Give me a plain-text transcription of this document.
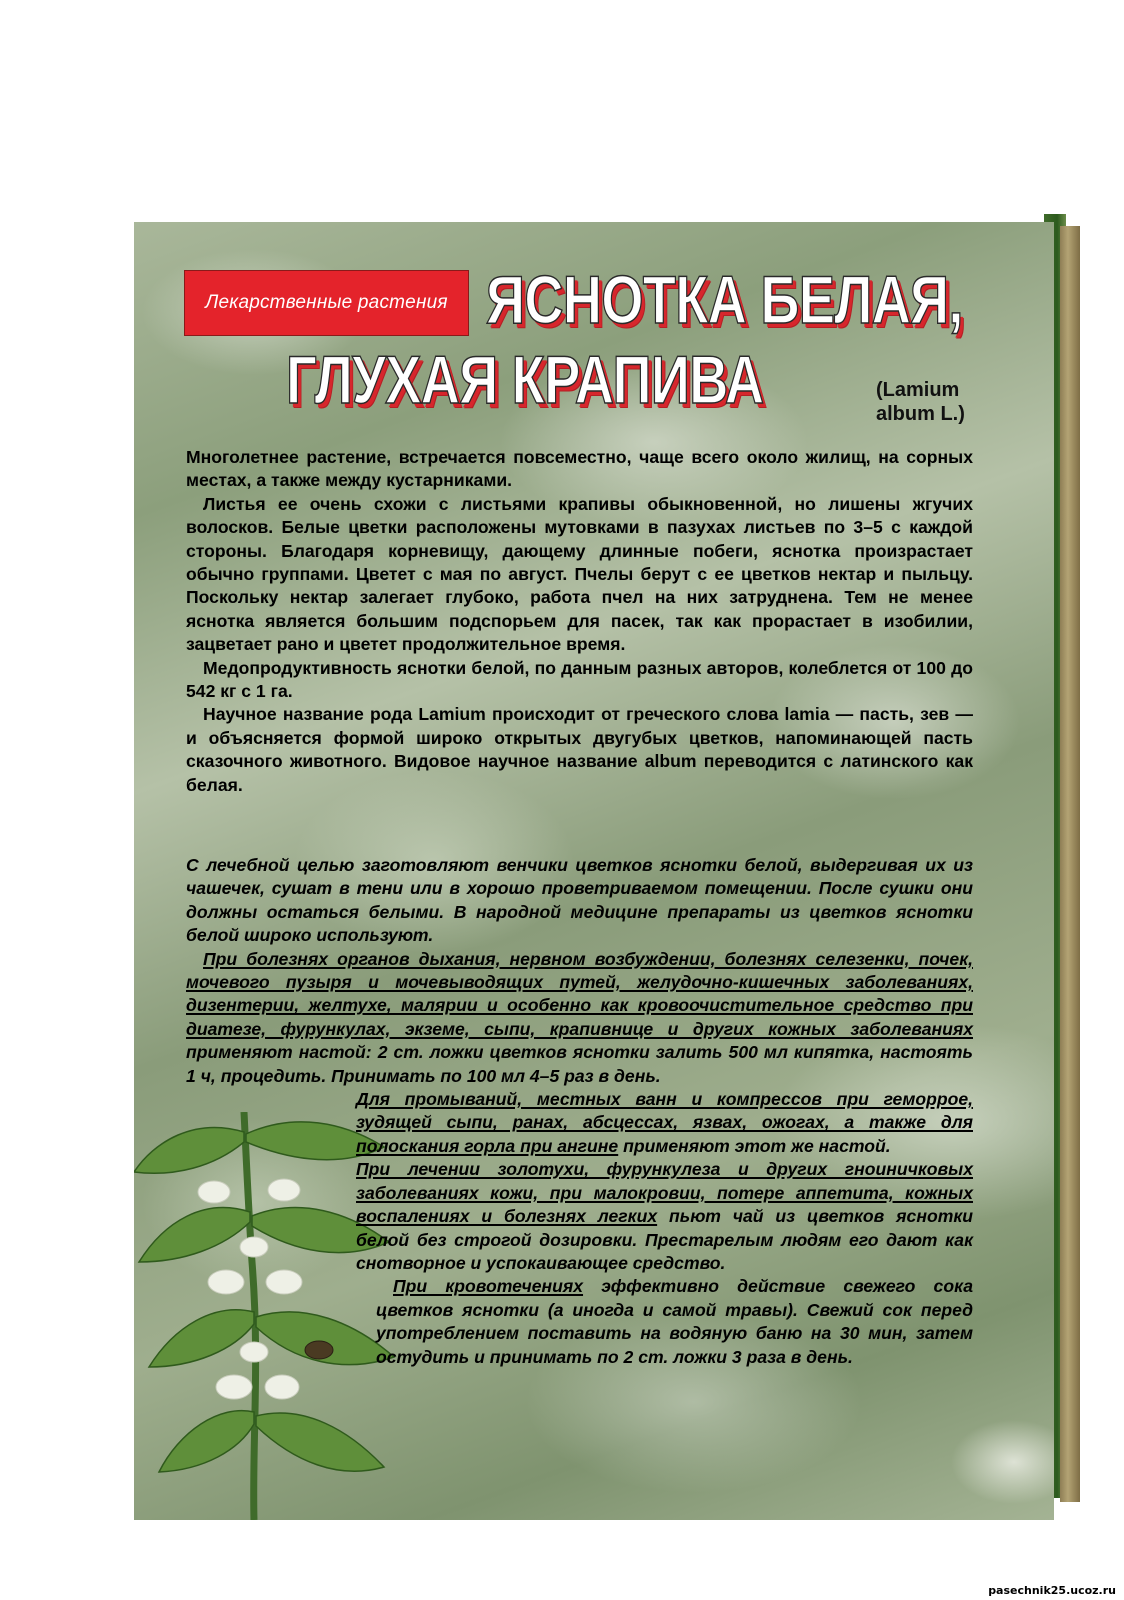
Лекарственные растения ЯСНОТКА БЕЛАЯ,
ГЛУХАЯ КРАПИВА	(Lamium
album L.)

Многолетнее растение, встречается повсеместно, чаще всего около жилищ, на сорных местах, а также между кустарниками.

Листья ее очень схожи с листьями крапивы обыкновенной, но лишены жгучих волосков. Белые цветки расположены мутовками в пазухах листьев по 3–5 с каждой стороны. Благодаря корневищу, дающему длинные побеги, яснотка произрастает обычно группами. Цветет с мая по август. Пчелы берут с ее цветков нектар и пыльцу. Поскольку нектар залегает глубоко, работа пчел на них затруднена. Тем не менее яснотка является большим подспорьем для пасек, так как прорастает в изобилии, зацветает рано и цветет продолжительное время.

Медопродуктивность яснотки белой, по данным разных авторов, колеблется от 100 до 542 кг с 1 га.

Научное название рода Lamium происходит от греческого слова lamia — пасть, зев — и объясняется формой широко открытых двугубых цветков, напоминающей пасть сказочного животного. Видовое научное название album переводится с латинского как белая.

С лечебной целью заготовляют венчики цветков яснотки белой, выдергивая их из чашечек, сушат в тени или в хорошо проветриваемом помещении. После сушки они должны остаться белыми. В народной медицине препараты из цветков яснотки белой широко используют.

При болезнях органов дыхания, нервном возбуждении, болезнях селезенки, почек, мочевого пузыря и мочевыводящих путей, желудочно-кишечных заболеваниях, дизентерии, желтухе, малярии и особенно как кровоочистительное средство при диатезе, фурункулах, экземе, сыпи, крапивнице и других кожных заболеваниях применяют настой: 2 ст. ложки цветков яснотки залить 500 мл кипятка, настоять 1 ч, процедить. Принимать по 100 мл 4–5 раз в день.

Для промываний, местных ванн и компрессов при геморрое, зудящей сыпи, ранах, абсцессах, язвах, ожогах, а также для полоскания горла при ангине применяют этот же настой.

При лечении золотухи, фурункулеза и других гноиничковых заболеваниях кожи, при малокровии, потере аппетита, кожных воспалениях и болезнях легких пьют чай из цветков яснотки белой без строгой дозировки. Престарелым людям его дают как снотворное и успокаивающее средство.

При кровотечениях эффективно действие свежего сока цветков яснотки (а иногда и самой травы). Свежий сок перед употреблением поставить на водяную баню на 30 мин, затем остудить и принимать по 2 ст. ложки 3 раза в день.

pasechnik25.ucoz.ru
